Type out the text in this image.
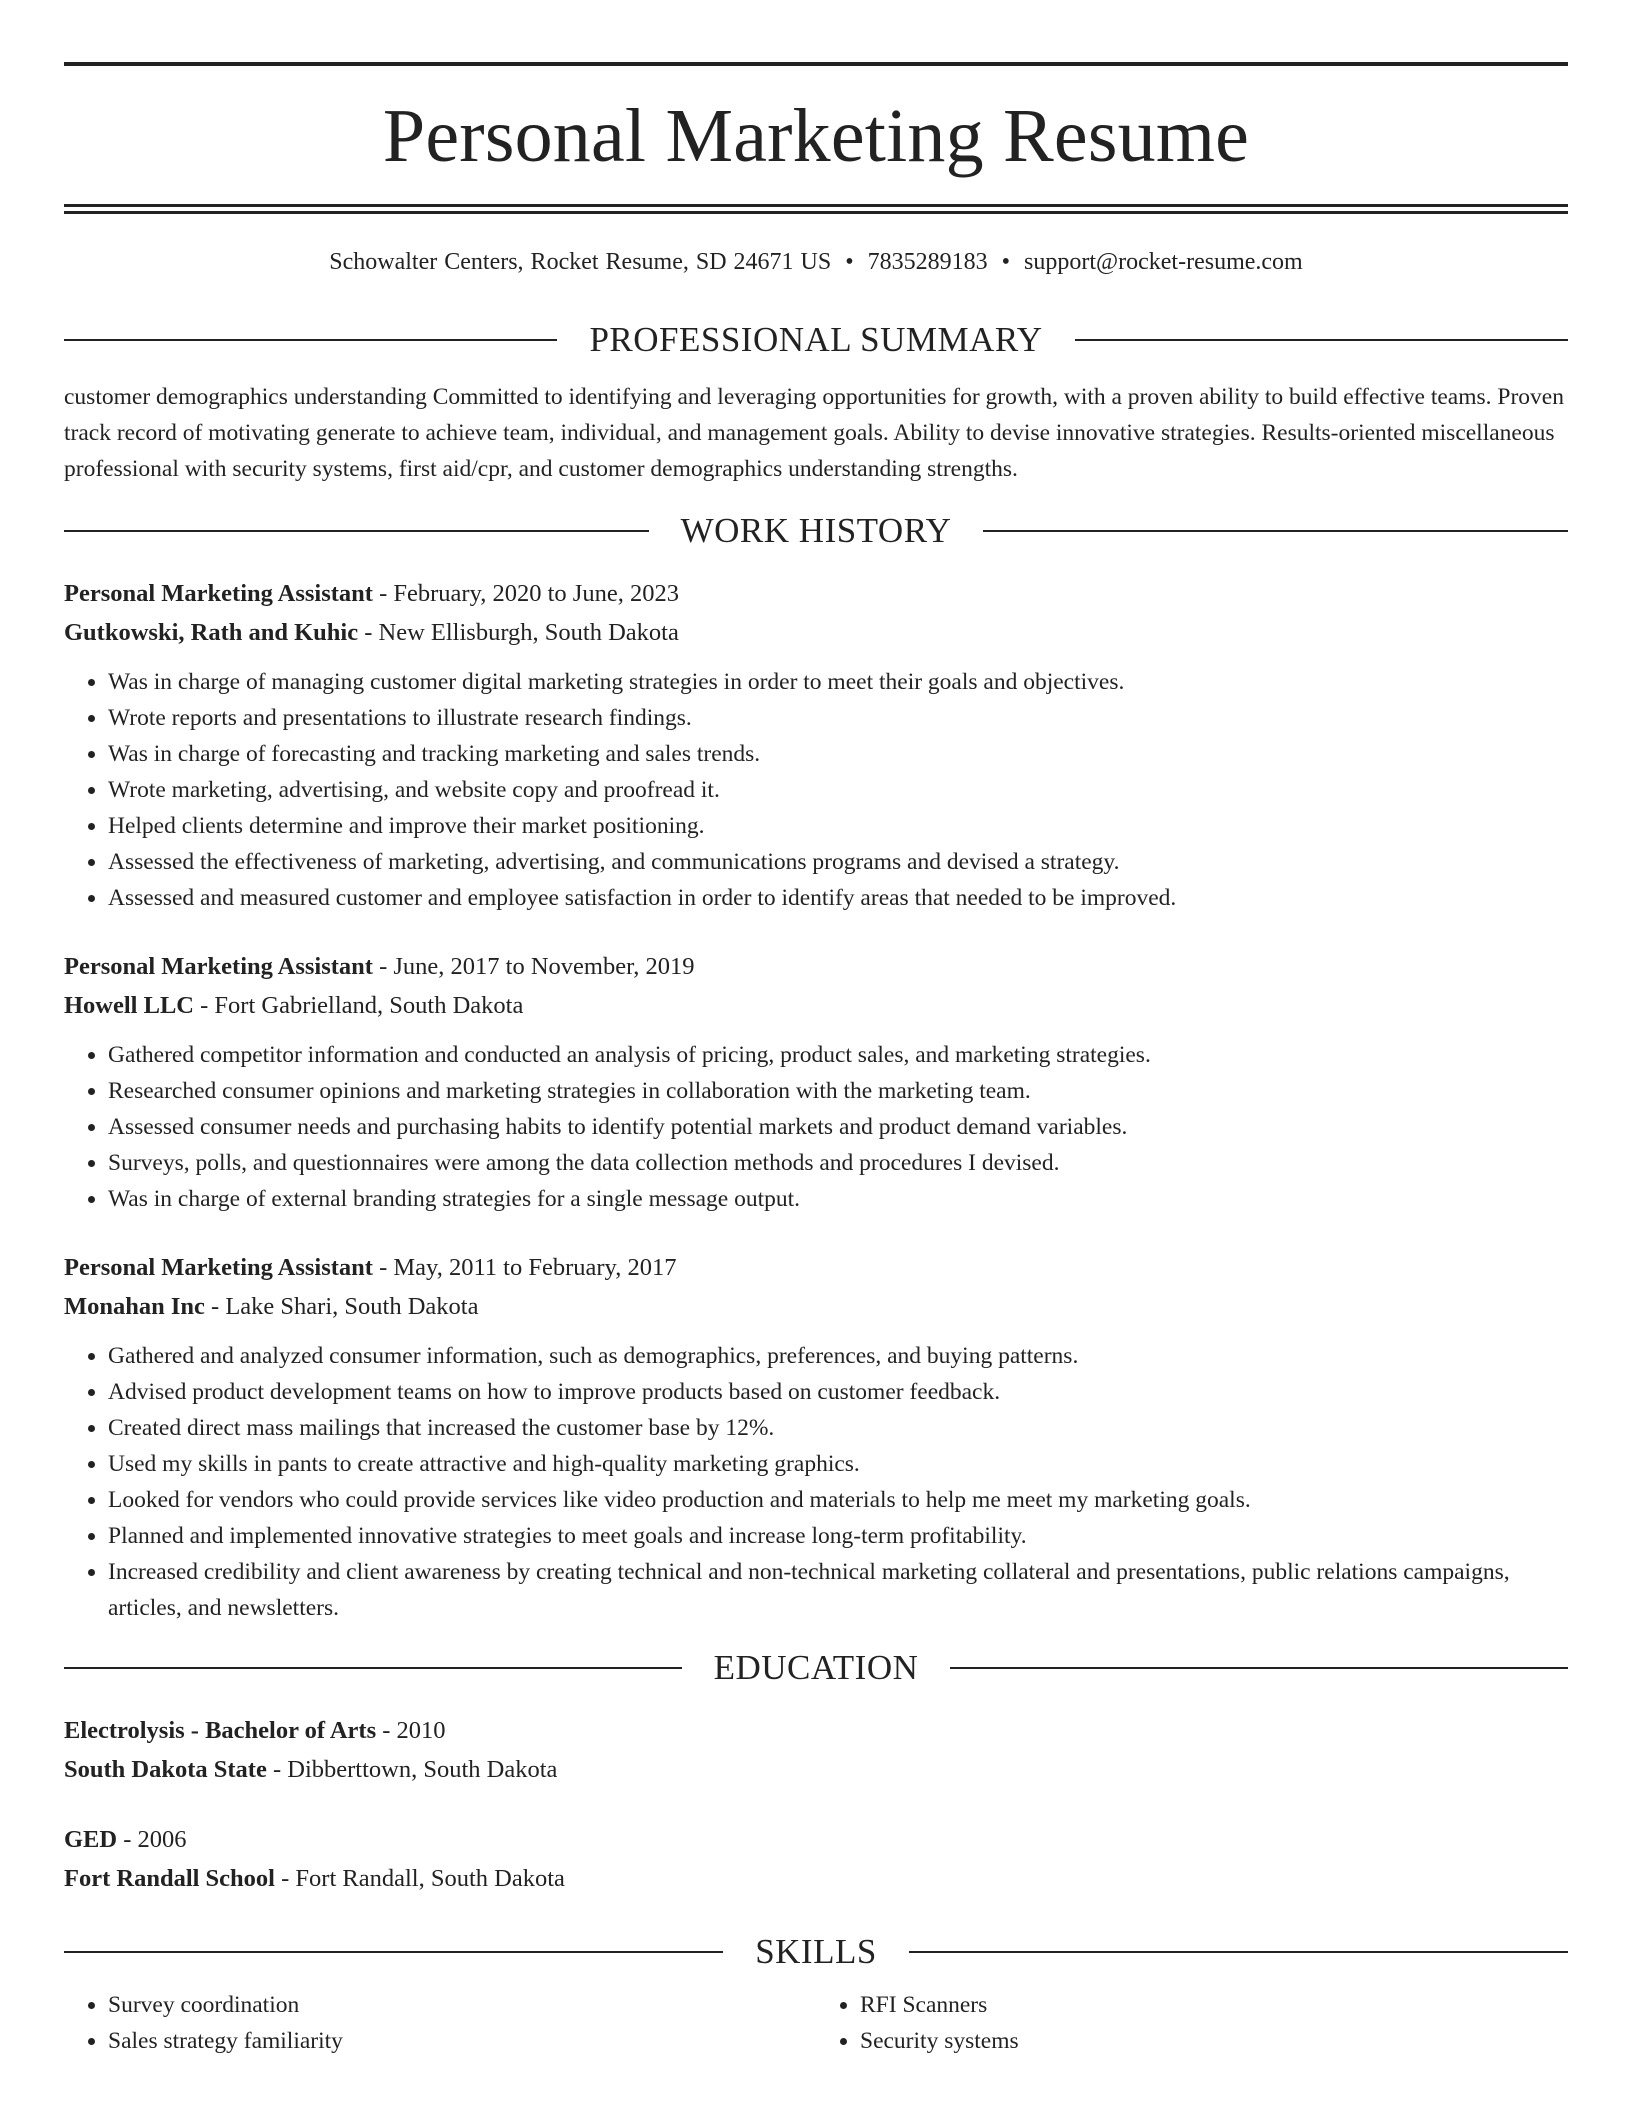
Personal Marketing Resume
Schowalter Centers, Rocket Resume, SD 24671 US • 7835289183 • support@rocket-resume.com
PROFESSIONAL SUMMARY

customer demographics understanding Committed to identifying and leveraging opportunities for growth, with a proven ability to build effective teams. Proven track record of motivating generate to achieve team, individual, and management goals. Ability to devise innovative strategies. Results-oriented miscellaneous professional with security systems, first aid/cpr, and customer demographics understanding strengths.

WORK HISTORY
Personal Marketing Assistant - February, 2020 to June, 2023
Gutkowski, Rath and Kuhic - New Ellisburgh, South Dakota
• Was in charge of managing customer digital marketing strategies in order to meet their goals and objectives.
• Wrote reports and presentations to illustrate research findings.
• Was in charge of forecasting and tracking marketing and sales trends.
• Wrote marketing, advertising, and website copy and proofread it.
• Helped clients determine and improve their market positioning.
• Assessed the effectiveness of marketing, advertising, and communications programs and devised a strategy.
• Assessed and measured customer and employee satisfaction in order to identify areas that needed to be improved.
Personal Marketing Assistant - June, 2017 to November, 2019
Howell LLC - Fort Gabrielland, South Dakota
• Gathered competitor information and conducted an analysis of pricing, product sales, and marketing strategies.
• Researched consumer opinions and marketing strategies in collaboration with the marketing team.
• Assessed consumer needs and purchasing habits to identify potential markets and product demand variables.
• Surveys, polls, and questionnaires were among the data collection methods and procedures I devised.
• Was in charge of external branding strategies for a single message output.
Personal Marketing Assistant - May, 2011 to February, 2017
Monahan Inc - Lake Shari, South Dakota
• Gathered and analyzed consumer information, such as demographics, preferences, and buying patterns.
• Advised product development teams on how to improve products based on customer feedback.
• Created direct mass mailings that increased the customer base by 12%.
• Used my skills in pants to create attractive and high-quality marketing graphics.
• Looked for vendors who could provide services like video production and materials to help me meet my marketing goals.
• Planned and implemented innovative strategies to meet goals and increase long-term profitability.
• Increased credibility and client awareness by creating technical and non-technical marketing collateral and presentations, public relations campaigns, articles, and newsletters.
EDUCATION
Electrolysis - Bachelor of Arts - 2010
South Dakota State - Dibberttown, South Dakota
GED - 2006
Fort Randall School - Fort Randall, South Dakota
SKILLS
• Survey coordination
• Sales strategy familiarity
• RFI Scanners
• Security systems
